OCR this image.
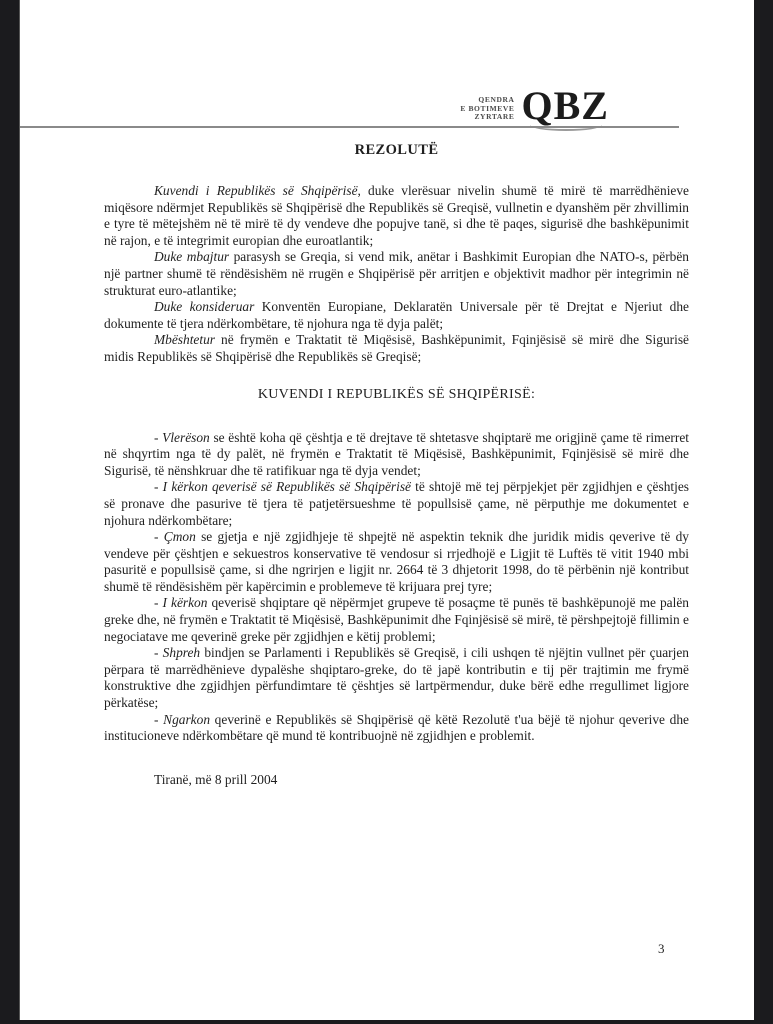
QENDRA
E BOTIMEVE
ZYRTARE QBZ
REZOLUTË

Kuvendi i Republikës së Shqipërisë, duke vlerësuar nivelin shumë të mirë të marrëdhënieve miqësore ndërmjet Republikës së Shqipërisë dhe Republikës së Greqisë, vullnetin e dyanshëm për zhvillimin e tyre të mëtejshëm në të mirë të dy vendeve dhe popujve tanë, si dhe të paqes, sigurisë dhe bashkëpunimit në rajon, e të integrimit europian dhe euroatlantik;

Duke mbajtur parasysh se Greqia, si vend mik, anëtar i Bashkimit Europian dhe NATO-s, përbën një partner shumë të rëndësishëm në rrugën e Shqipërisë për arritjen e objektivit madhor për integrimin në strukturat euro-atlantike;

Duke konsideruar Konventën Europiane, Deklaratën Universale për të Drejtat e Njeriut dhe dokumente të tjera ndërkombëtare, të njohura nga të dyja palët;

Mbështetur në frymën e Traktatit të Miqësisë, Bashkëpunimit, Fqinjësisë së mirë dhe Sigurisë midis Republikës së Shqipërisë dhe Republikës së Greqisë;

KUVENDI I REPUBLIKËS SË SHQIPËRISË:

- Vlerëson se është koha që çështja e të drejtave të shtetasve shqiptarë me origjinë çame të rimerret në shqyrtim nga të dy palët, në frymën e Traktatit të Miqësisë, Bashkëpunimit, Fqinjësisë së mirë dhe Sigurisë, të nënshkruar dhe të ratifikuar nga të dyja vendet;

- I kërkon qeverisë së Republikës së Shqipërisë të shtojë më tej përpjekjet për zgjidhjen e çështjes së pronave dhe pasurive të tjera të patjetërsueshme të popullsisë çame, në përputhje me dokumentet e njohura ndërkombëtare;

- Çmon se gjetja e një zgjidhjeje të shpejtë në aspektin teknik dhe juridik midis qeverive të dy vendeve për çështjen e sekuestros konservative të vendosur si rrjedhojë e Ligjit të Luftës të vitit 1940 mbi pasuritë e popullsisë çame, si dhe ngrirjen e ligjit nr. 2664 të 3 dhjetorit 1998, do të përbënin një kontribut shumë të rëndësishëm për kapërcimin e problemeve të krijuara prej tyre;

- I kërkon qeverisë shqiptare që nëpërmjet grupeve të posaçme të punës të bashkëpunojë me palën greke dhe, në frymën e Traktatit të Miqësisë, Bashkëpunimit dhe Fqinjësisë së mirë, të përshpejtojë fillimin e negociatave me qeverinë greke për zgjidhjen e këtij problemi;

- Shpreh bindjen se Parlamenti i Republikës së Greqisë, i cili ushqen të njëjtin vullnet për çuarjen përpara të marrëdhënieve dypalëshe shqiptaro-greke, do të japë kontributin e tij për trajtimin me frymë konstruktive dhe zgjidhjen përfundimtare të çështjes së lartpërmendur, duke bërë edhe rregullimet ligjore përkatëse;

- Ngarkon qeverinë e Republikës së Shqipërisë që këtë Rezolutë t'ua bëjë të njohur qeverive dhe institucioneve ndërkombëtare që mund të kontribuojnë në zgjidhjen e problemit.

Tiranë, më 8 prill 2004

3
